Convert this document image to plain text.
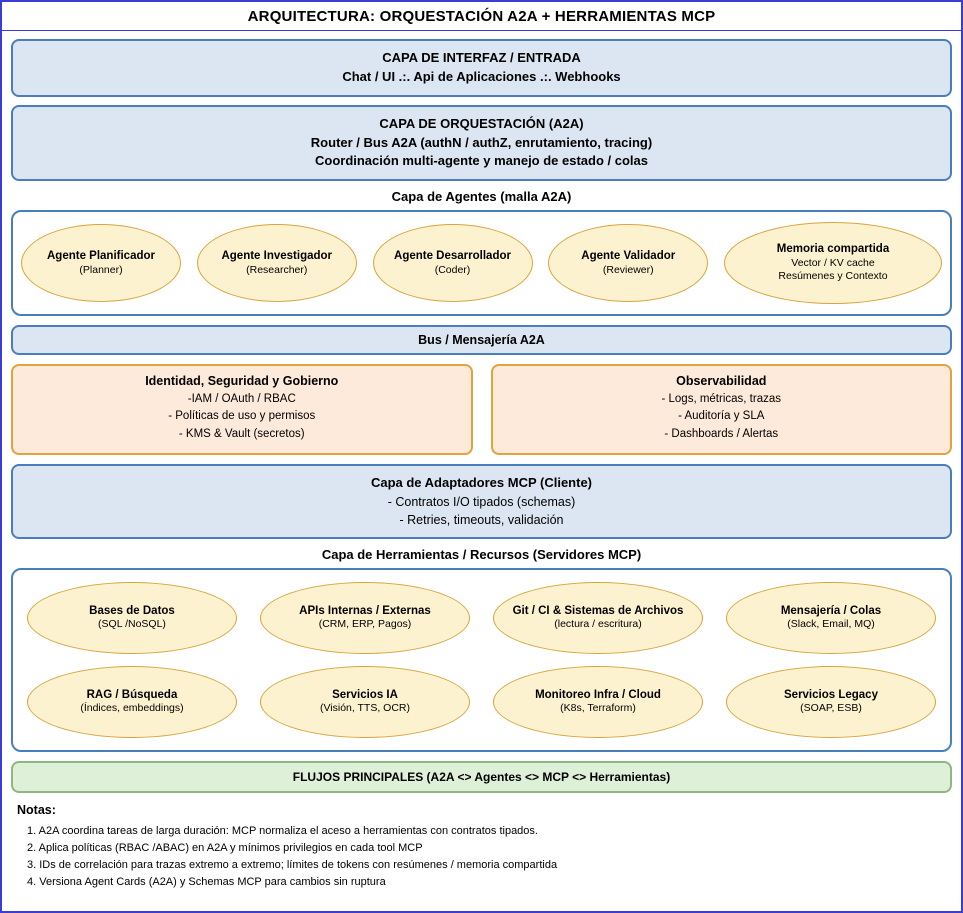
ARQUITECTURA: ORQUESTACIÓN A2A + HERRAMIENTAS MCP
CAPA DE INTERFAZ / ENTRADA
Chat / UI .:. Api de Aplicaciones .:. Webhooks
CAPA DE ORQUESTACIÓN (A2A)
Router / Bus A2A (authN / authZ, enrutamiento, tracing)
Coordinación multi-agente y manejo de estado / colas
Capa de Agentes (malla A2A)
Agente Planificador
(Planner)
Agente Investigador
(Researcher)
Agente Desarrollador
(Coder)
Agente Validador
(Reviewer)
Memoria compartida
Vector / KV cache
Resúmenes y Contexto
Bus / Mensajería A2A
Identidad, Seguridad y Gobierno
-IAM / OAuth / RBAC
- Políticas de uso y permisos
- KMS & Vault (secretos)
Observabilidad
- Logs, métricas, trazas
- Auditoría y SLA
- Dashboards / Alertas
Capa de Adaptadores MCP (Cliente)
- Contratos I/O tipados (schemas)
- Retries, timeouts, validación
Capa de Herramientas / Recursos (Servidores MCP)
Bases de Datos
(SQL /NoSQL)
APIs Internas / Externas
(CRM, ERP, Pagos)
Git / CI & Sistemas de Archivos
(lectura / escritura)
Mensajería / Colas
(Slack, Email, MQ)
RAG / Búsqueda
(Índices, embeddings)
Servicios IA
(Visión, TTS, OCR)
Monitoreo Infra / Cloud
(K8s, Terraform)
Servicios Legacy
(SOAP, ESB)
FLUJOS PRINCIPALES (A2A <> Agentes <> MCP <> Herramientas)
Notas:
1. A2A coordina tareas de larga duración: MCP normaliza el aceso a herramientas con contratos tipados.
2. Aplica políticas (RBAC /ABAC) en A2A y mínimos privilegios en cada tool MCP
3. IDs de correlación para trazas extremo a extremo; límites de tokens con resúmenes / memoria compartida
4. Versiona Agent Cards (A2A) y Schemas MCP para cambios sin ruptura
